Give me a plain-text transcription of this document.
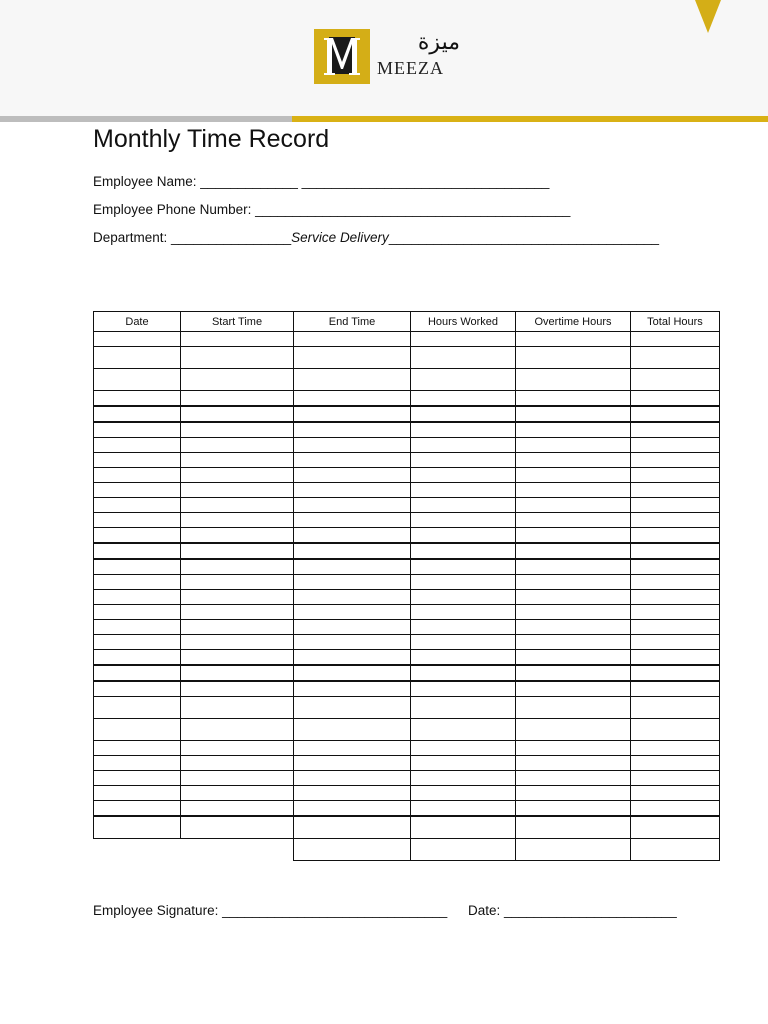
ميزة
MEEZA
Monthly Time Record
Employee Name: _____________ _________________________________
Employee Phone Number: __________________________________________
Department: ________________Service Delivery____________________________________
Date	Start Time	End Time	Hours Worked	Overtime Hours	Total Hours

Employee Signature: ______________________________ Date: _______________________
